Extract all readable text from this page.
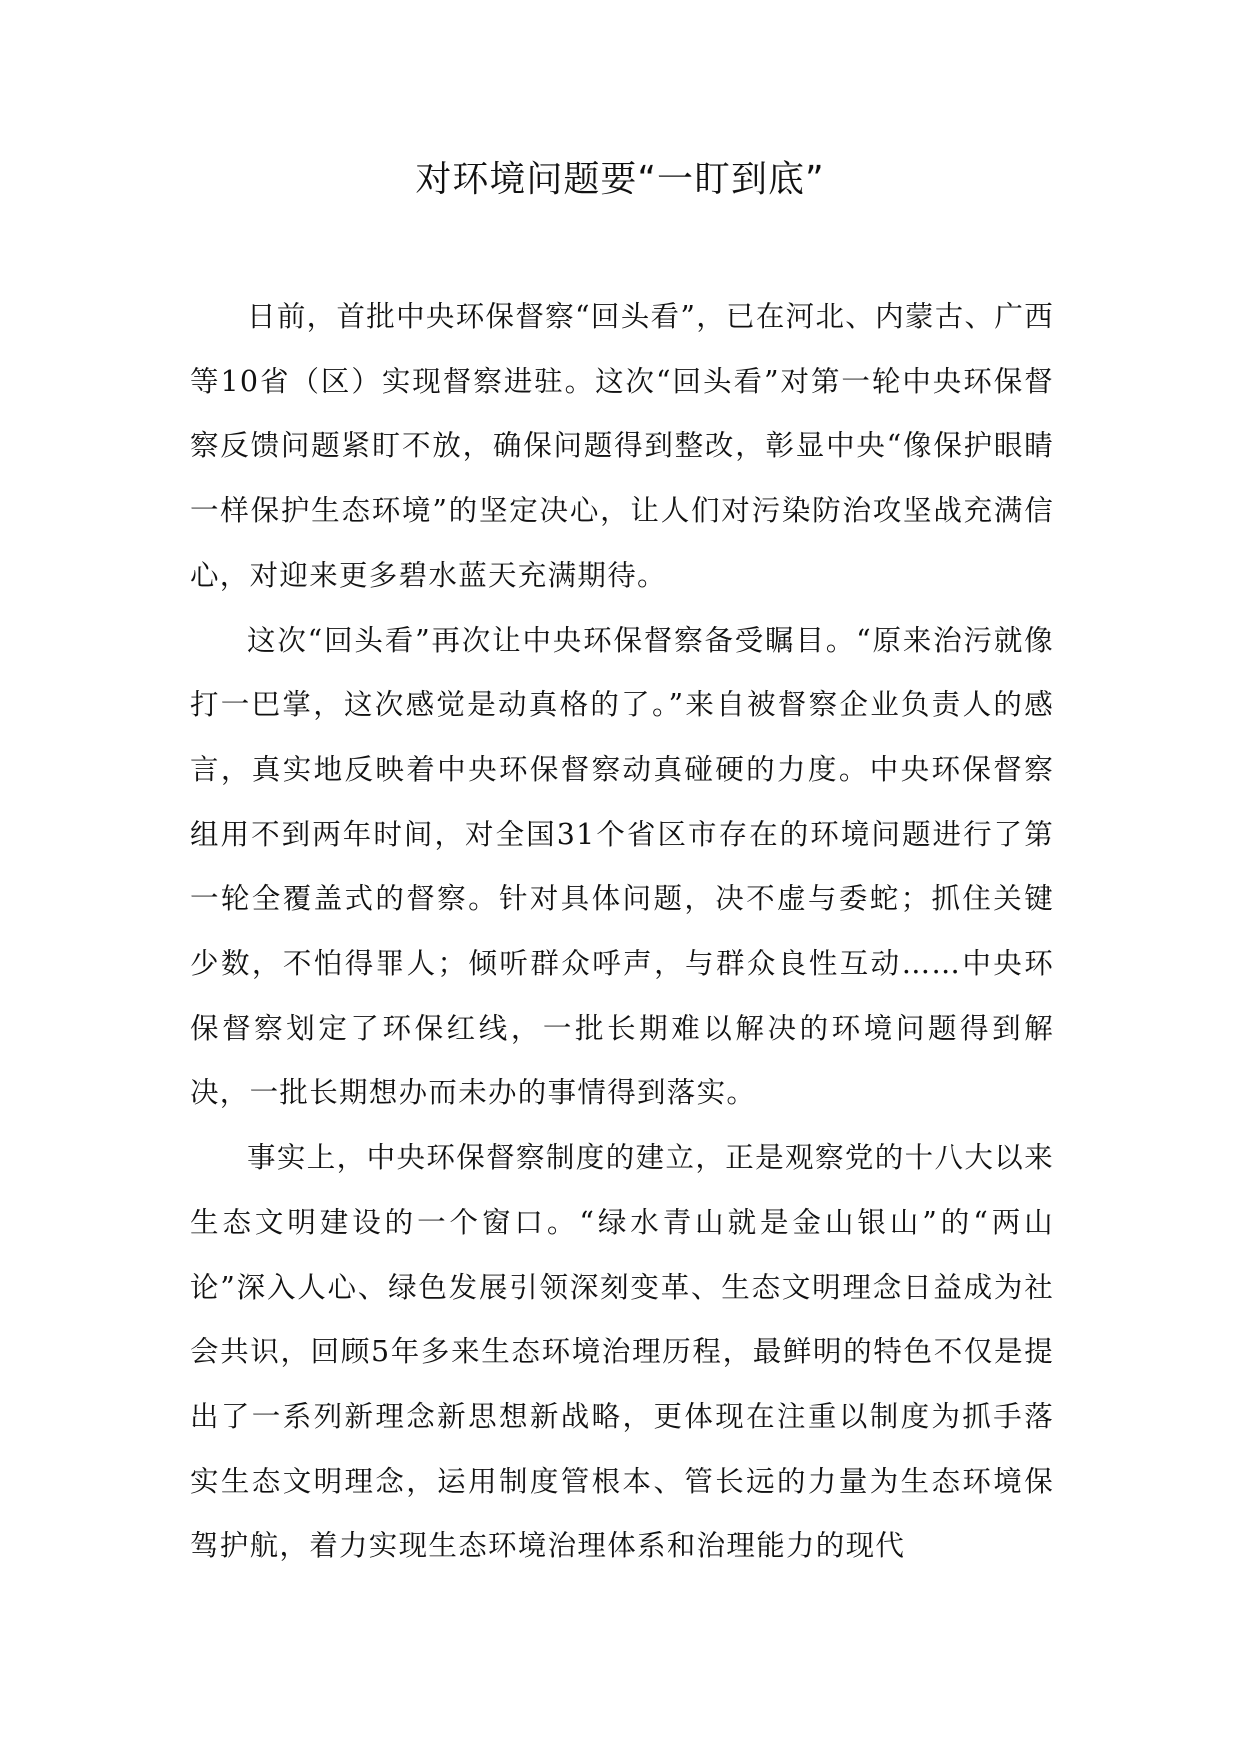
对环境问题要“一盯到底”

日前，首批中央环保督察“回头看”，已在河北、内蒙古、广西等10省（区）实现督察进驻。这次“回头看”对第一轮中央环保督察反馈问题紧盯不放，确保问题得到整改，彰显中央“像保护眼睛一样保护生态环境”的坚定决心，让人们对污染防治攻坚战充满信心，对迎来更多碧水蓝天充满期待。

这次“回头看”再次让中央环保督察备受瞩目。“原来治污就像打一巴掌，这次感觉是动真格的了。”来自被督察企业负责人的感言，真实地反映着中央环保督察动真碰硬的力度。中央环保督察组用不到两年时间，对全国31个省区市存在的环境问题进行了第一轮全覆盖式的督察。针对具体问题，决不虚与委蛇；抓住关键少数，不怕得罪人；倾听群众呼声，与群众良性互动……中央环保督察划定了环保红线，一批长期难以解决的环境问题得到解决，一批长期想办而未办的事情得到落实。

事实上，中央环保督察制度的建立，正是观察党的十八大以来生态文明建设的一个窗口。“绿水青山就是金山银山”的“两山论”深入人心、绿色发展引领深刻变革、生态文明理念日益成为社会共识，回顾5年多来生态环境治理历程，最鲜明的特色不仅是提出了一系列新理念新思想新战略，更体现在注重以制度为抓手落实生态文明理念，运用制度管根本、管长远的力量为生态环境保驾护航，着力实现生态环境治理体系和治理能力的现代
